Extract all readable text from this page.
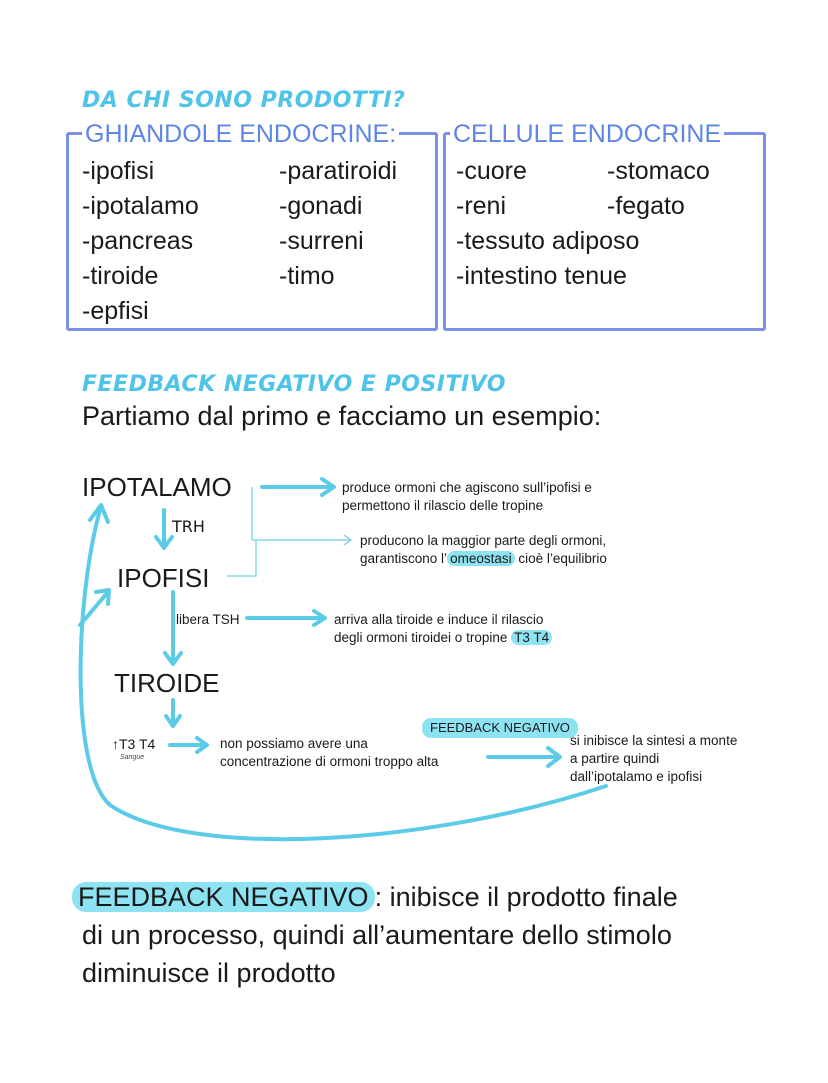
DA CHI SONO PRODOTTI?
GHIANDOLE ENDOCRINE: CELLULE ENDOCRINE
-ipofisi
-ipotalamo
-pancreas
-tiroide
-epfisi
-paratiroidi
-gonadi
-surreni
-timo
-cuore
-reni
-tessuto adiposo
-intestino tenue
-stomaco
-fegato
FEEDBACK NEGATIVO E POSITIVO
Partiamo dal primo e facciamo un esempio:
IPOTALAMO
IPOFISI
TIROIDE
TRH
libera TSH
↑T3 T4
Sangue
produce ormoni che agiscono sull’ipofisi e
permettono il rilascio delle tropine
producono la maggior parte degli ormoni,
garantiscono l’ omeostasi cioè l’equilibrio
arriva alla tiroide e induce il rilascio
degli ormoni tiroidei o tropine T3 T4
non possiamo avere una
concentrazione di ormoni troppo alta
FEEDBACK NEGATIVO
si inibisce la sintesi a monte
a partire quindi
dall’ipotalamo e ipofisi
FEEDBACK NEGATIVO : inibisce il prodotto finale
di un processo, quindi all’aumentare dello stimolo
diminuisce il prodotto
